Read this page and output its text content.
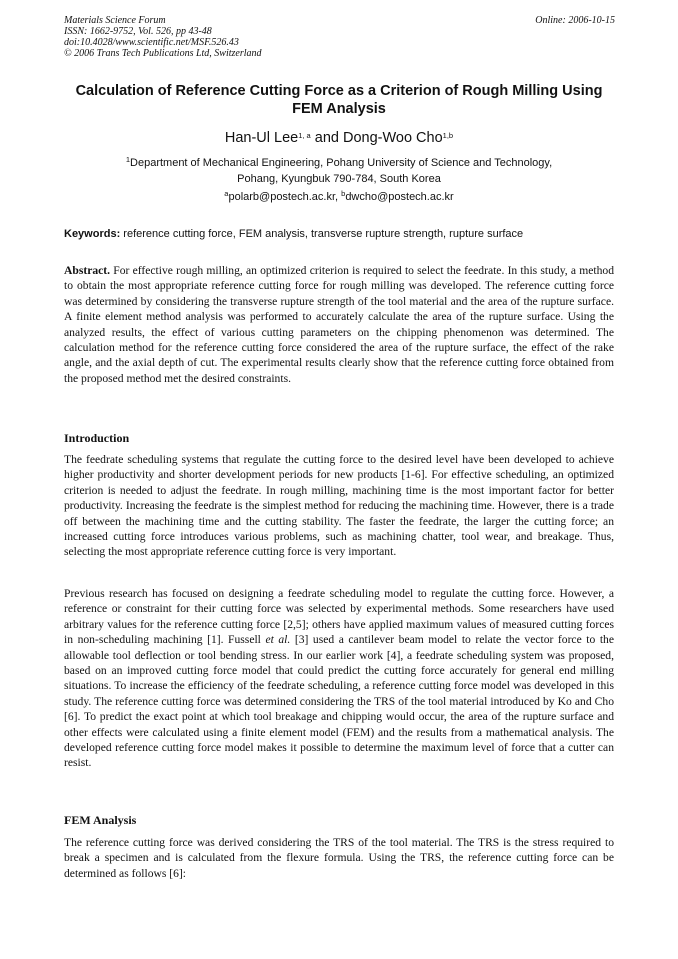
Materials Science Forum
ISSN: 1662-9752, Vol. 526, pp 43-48
doi:10.4028/www.scientific.net/MSF.526.43
© 2006 Trans Tech Publications Ltd, Switzerland
Online: 2006-10-15
Calculation of Reference Cutting Force as a Criterion of Rough Milling Using FEM Analysis
Han-Ul Lee$^{1, a}$ and Dong-Woo Cho$^{1,b}$
$^1$Department of Mechanical Engineering, Pohang University of Science and Technology,
Pohang, Kyungbuk 790-784, South Korea
$^a$polarb@postech.ac.kr, $^b$dwcho@postech.ac.kr
Keywords: reference cutting force, FEM analysis, transverse rupture strength, rupture surface

Abstract. For effective rough milling, an optimized criterion is required to select the feedrate. In this study, a method to obtain the most appropriate reference cutting force for rough milling was developed. The reference cutting force was determined by considering the transverse rupture strength of the tool material and the area of the rupture surface. A finite element method analysis was performed to accurately calculate the area of the rupture surface. Using the analyzed results, the effect of various cutting parameters on the chipping phenomenon was determined. The calculation method for the reference cutting force considered the area of the rupture surface, the effect of the rake angle, and the axial depth of cut. The experimental results clearly show that the reference cutting force obtained from the proposed method met the desired constraints.

Introduction

The feedrate scheduling systems that regulate the cutting force to the desired level have been developed to achieve higher productivity and shorter development periods for new products [1-6]. For effective scheduling, an optimized criterion is needed to adjust the feedrate. In rough milling, machining time is the most important factor for better productivity. Increasing the feedrate is the simplest method for reducing the machining time. However, there is a trade off between the machining time and the cutting stability. The faster the feedrate, the larger the cutting force; an increased cutting force introduces various problems, such as machining chatter, tool wear, and breakage. Thus, selecting the most appropriate reference cutting force is very important.

Previous research has focused on designing a feedrate scheduling model to regulate the cutting force. However, a reference or constraint for their cutting force was selected by experimental methods. Some researchers have used arbitrary values for the reference cutting force [2,5]; others have applied maximum values of measured cutting forces in non-scheduling machining [1]. Fussell et al. [3] used a cantilever beam model to relate the vector force to the allowable tool deflection or tool bending stress. In our earlier work [4], a feedrate scheduling system was proposed, based on an improved cutting force model that could predict the cutting force accurately for general end milling situations. To increase the efficiency of the feedrate scheduling, a reference cutting force model was developed in this study. The reference cutting force was determined considering the TRS of the tool material introduced by Ko and Cho [6]. To predict the exact point at which tool breakage and chipping would occur, the area of the rupture surface and other effects were calculated using a finite element model (FEM) and the results from a mathematical analysis. The developed reference cutting force model makes it possible to determine the maximum level of force that a cutter can resist.

FEM Analysis

The reference cutting force was derived considering the TRS of the tool material. The TRS is the stress required to break a specimen and is calculated from the flexure formula. Using the TRS, the reference cutting force can be determined as follows [6]:
